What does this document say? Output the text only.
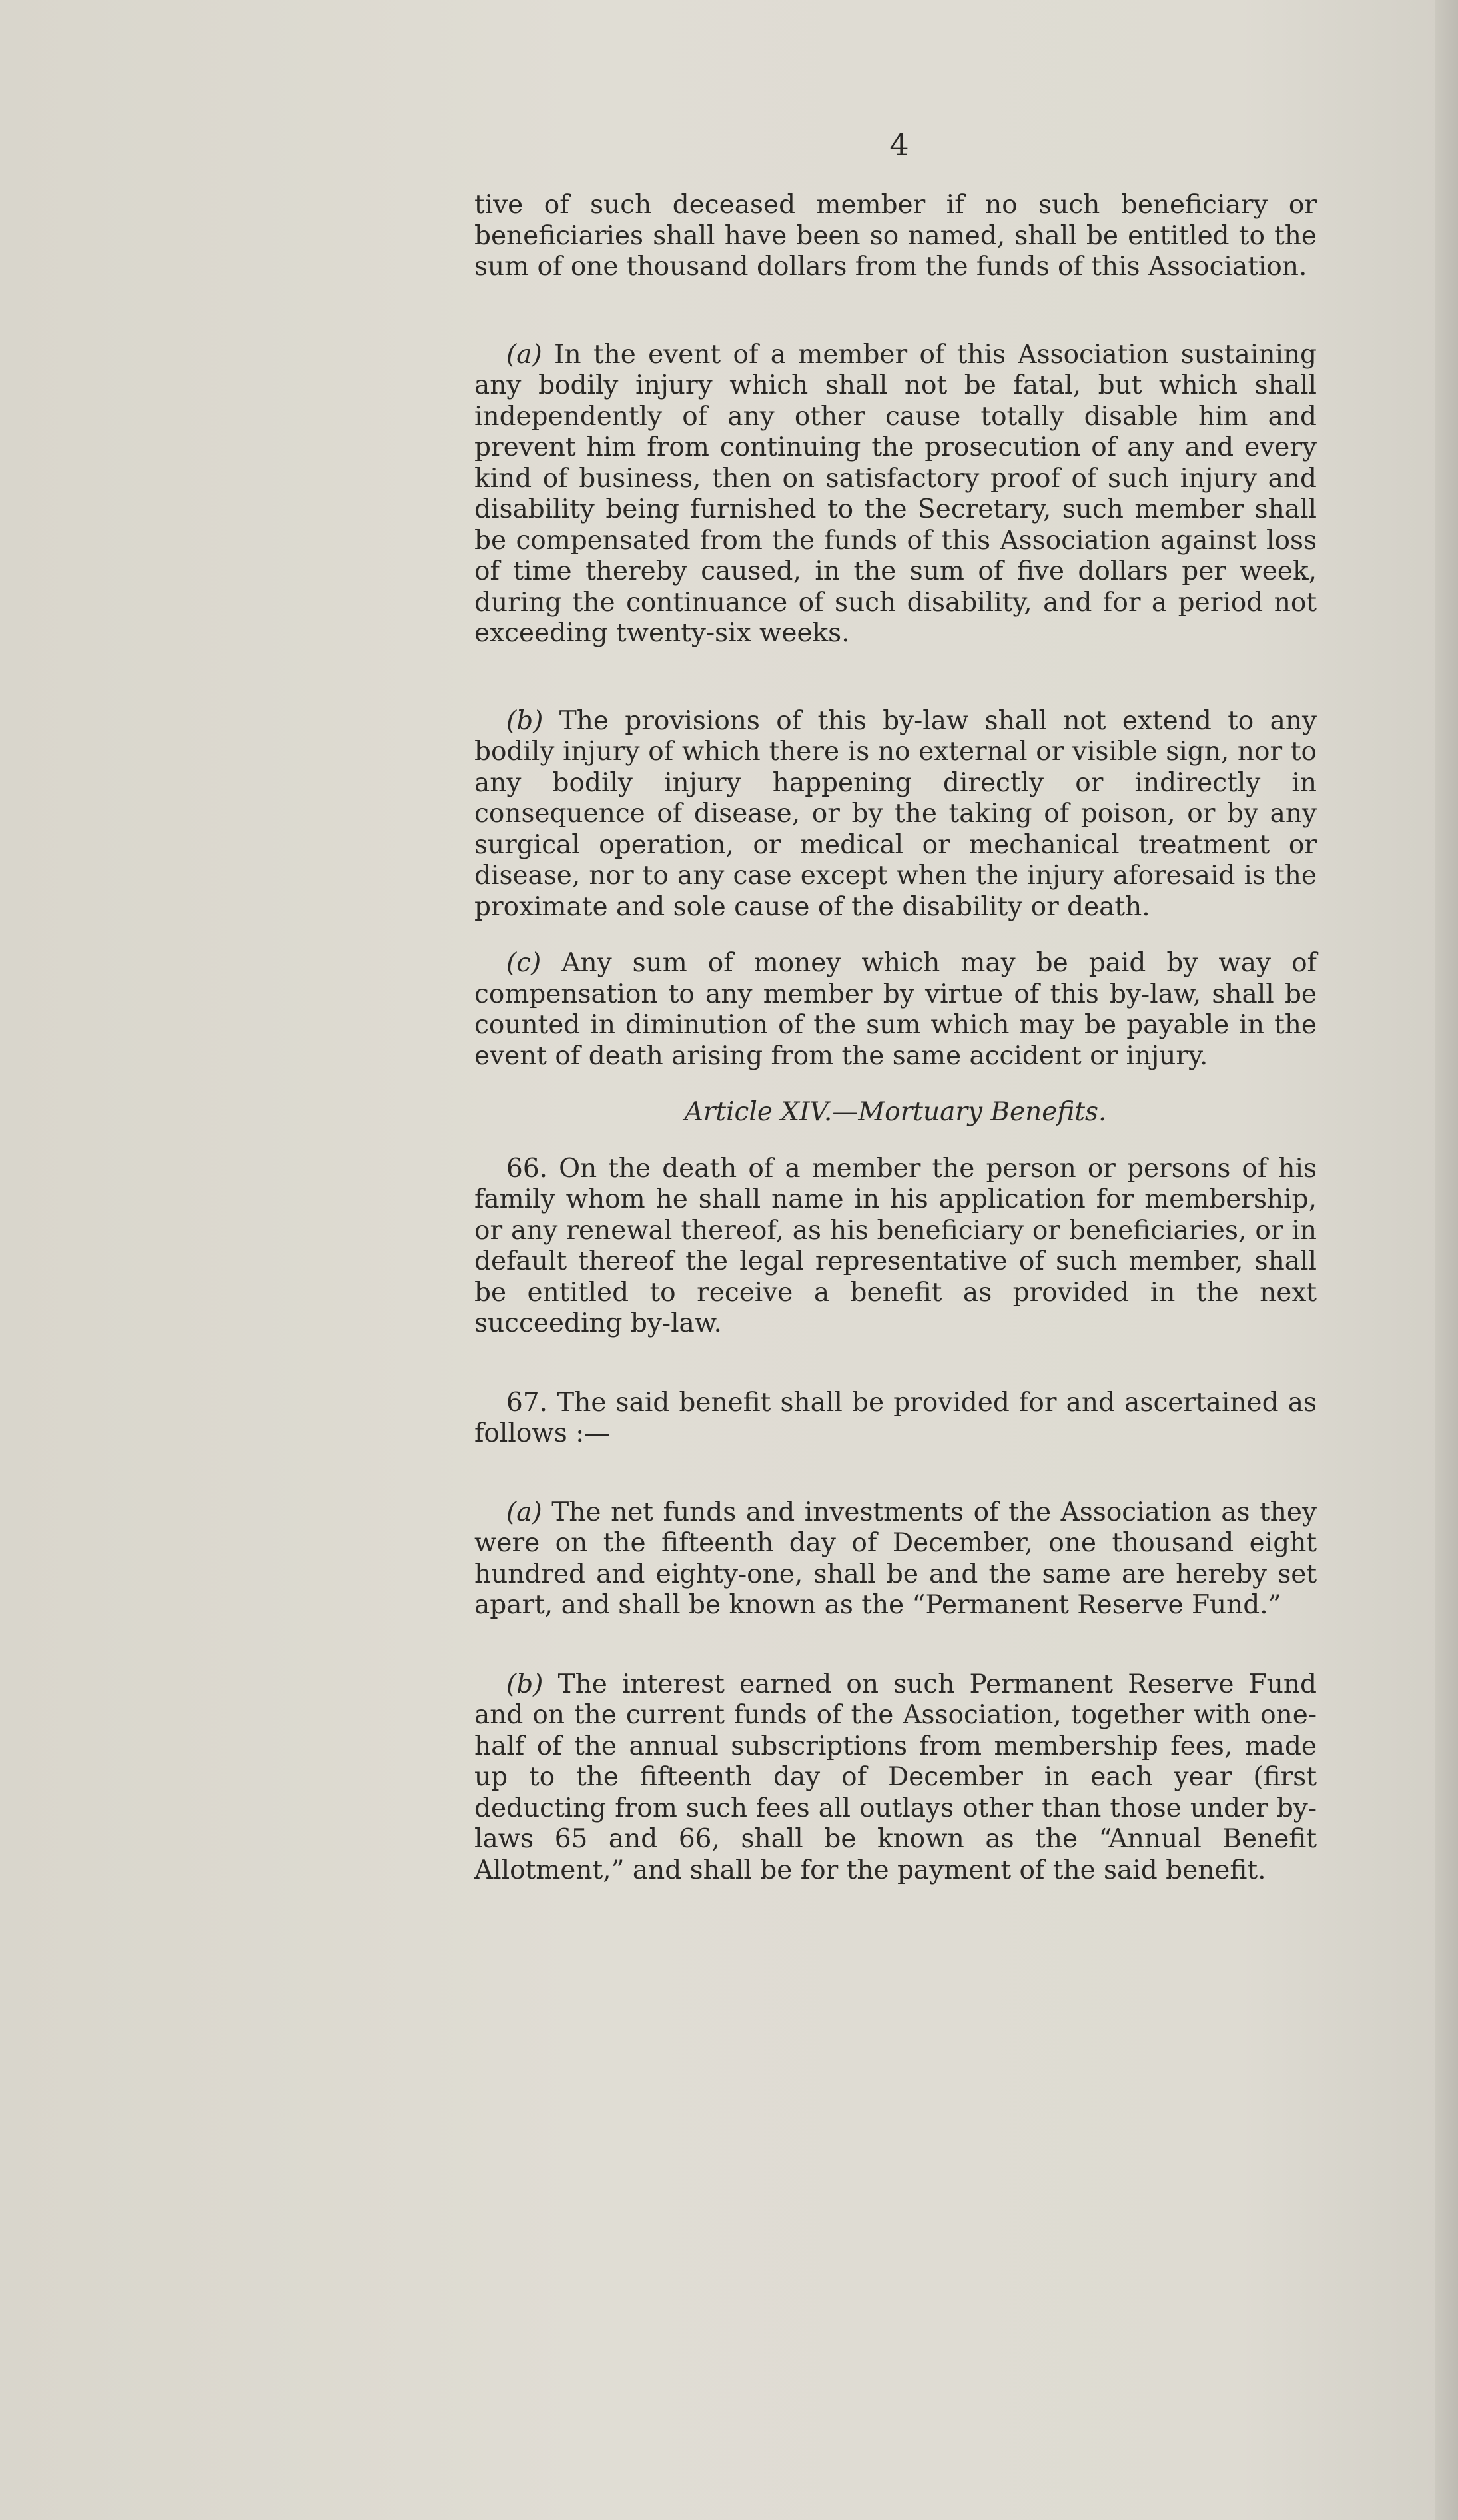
4

tive of such deceased member if no such beneficiary or beneficiaries shall have been so named, shall be entitled to the sum of one thousand dollars from the funds of this Association.

(a) In the event of a member of this Association sustaining any bodily injury which shall not be fatal, but which shall independently of any other cause totally disable him and prevent him from continuing the prosecution of any and every kind of business, then on satisfactory proof of such injury and disability being furnished to the Secretary, such member shall be compensated from the funds of this Association against loss of time thereby caused, in the sum of five dollars per week, during the continuance of such disability, and for a period not exceeding twenty-six weeks.

(b) The provisions of this by-law shall not extend to any bodily injury of which there is no external or visible sign, nor to any bodily injury happening directly or indirectly in consequence of disease, or by the taking of poison, or by any surgical operation, or medical or mechanical treatment or disease, nor to any case except when the injury aforesaid is the proximate and sole cause of the disability or death.

(c) Any sum of money which may be paid by way of compensation to any member by virtue of this by-law, shall be counted in diminution of the sum which may be payable in the event of death arising from the same accident or injury.

Article XIV.—Mortuary Benefits.

66. On the death of a member the person or persons of his family whom he shall name in his application for membership, or any renewal thereof, as his beneficiary or beneficiaries, or in default thereof the legal representative of such member, shall be entitled to receive a benefit as provided in the next succeeding by-law.

67. The said benefit shall be provided for and ascertained as follows :—

(a) The net funds and investments of the Association as they were on the fifteenth day of December, one thousand eight hundred and eighty-one, shall be and the same are hereby set apart, and shall be known as the “Permanent Reserve Fund.”

(b) The interest earned on such Permanent Reserve Fund and on the current funds of the Association, together with one-half of the annual subscriptions from membership fees, made up to the fifteenth day of December in each year (first deducting from such fees all outlays other than those under by-laws 65 and 66, shall be known as the “Annual Benefit Allotment,” and shall be for the payment of the said benefit.
